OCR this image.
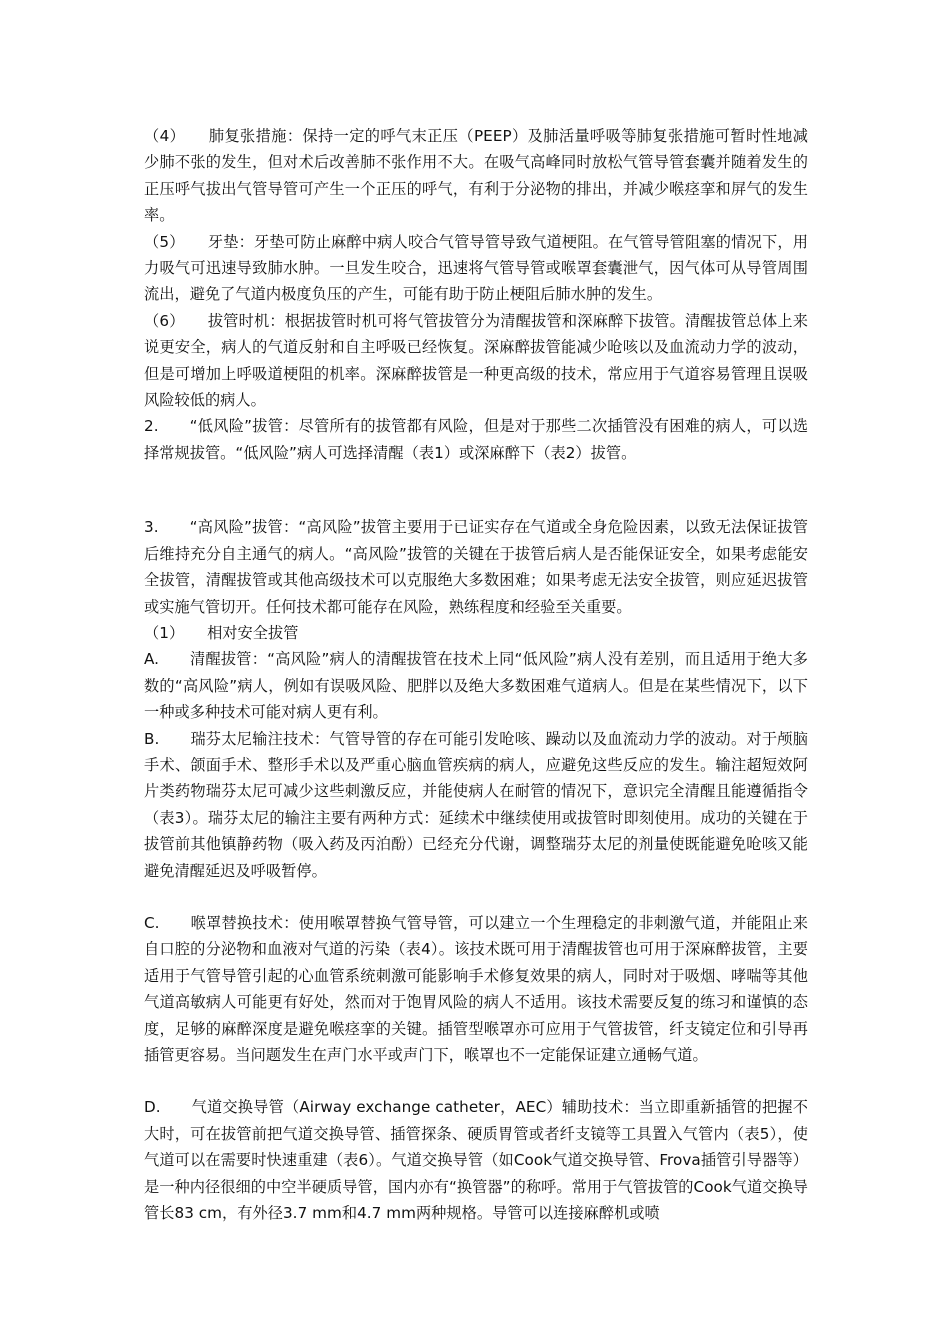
（4）　　肺复张措施：保持一定的呼气末正压（PEEP）及肺活量呼吸等肺复张措施可暂时性地减少肺不张的发生，但对术后改善肺不张作用不大。在吸气高峰同时放松气管导管套囊并随着发生的正压呼气拔出气管导管可产生一个正压的呼气，有利于分泌物的排出，并减少喉痉挛和屏气的发生率。

（5）　　牙垫：牙垫可防止麻醉中病人咬合气管导管导致气道梗阻。在气管导管阻塞的情况下，用力吸气可迅速导致肺水肿。一旦发生咬合，迅速将气管导管或喉罩套囊泄气，因气体可从导管周围流出，避免了气道内极度负压的产生，可能有助于防止梗阻后肺水肿的发生。

（6）　　拔管时机：根据拔管时机可将气管拔管分为清醒拔管和深麻醉下拔管。清醒拔管总体上来说更安全，病人的气道反射和自主呼吸已经恢复。深麻醉拔管能减少呛咳以及血流动力学的波动，但是可增加上呼吸道梗阻的机率。深麻醉拔管是一种更高级的技术，常应用于气道容易管理且误吸风险较低的病人。

2.　　“低风险”拔管：尽管所有的拔管都有风险，但是对于那些二次插管没有困难的病人，可以选择常规拔管。“低风险”病人可选择清醒（表1）或深麻醉下（表2）拔管。

3.　　“高风险”拔管：“高风险”拔管主要用于已证实存在气道或全身危险因素，以致无法保证拔管后维持充分自主通气的病人。“高风险”拔管的关键在于拔管后病人是否能保证安全，如果考虑能安全拔管，清醒拔管或其他高级技术可以克服绝大多数困难；如果考虑无法安全拔管，则应延迟拔管或实施气管切开。任何技术都可能存在风险，熟练程度和经验至关重要。

（1）　　相对安全拔管

A.　　清醒拔管：“高风险”病人的清醒拔管在技术上同“低风险”病人没有差别，而且适用于绝大多数的“高风险”病人，例如有误吸风险、肥胖以及绝大多数困难气道病人。但是在某些情况下，以下一种或多种技术可能对病人更有利。

B.　　瑞芬太尼输注技术：气管导管的存在可能引发呛咳、躁动以及血流动力学的波动。对于颅脑手术、颌面手术、整形手术以及严重心脑血管疾病的病人，应避免这些反应的发生。输注超短效阿片类药物瑞芬太尼可减少这些刺激反应，并能使病人在耐管的情况下，意识完全清醒且能遵循指令（表3）。瑞芬太尼的输注主要有两种方式：延续术中继续使用或拔管时即刻使用。成功的关键在于拔管前其他镇静药物（吸入药及丙泊酚）已经充分代谢，调整瑞芬太尼的剂量使既能避免呛咳又能避免清醒延迟及呼吸暂停。

C.　　喉罩替换技术：使用喉罩替换气管导管，可以建立一个生理稳定的非刺激气道，并能阻止来自口腔的分泌物和血液对气道的污染（表4）。该技术既可用于清醒拔管也可用于深麻醉拔管，主要适用于气管导管引起的心血管系统刺激可能影响手术修复效果的病人，同时对于吸烟、哮喘等其他气道高敏病人可能更有好处，然而对于饱胃风险的病人不适用。该技术需要反复的练习和谨慎的态度，足够的麻醉深度是避免喉痉挛的关键。插管型喉罩亦可应用于气管拔管，纤支镜定位和引导再插管更容易。当问题发生在声门水平或声门下，喉罩也不一定能保证建立通畅气道。

D.　　气道交换导管（Airway exchange catheter，AEC）辅助技术：当立即重新插管的把握不大时，可在拔管前把气道交换导管、插管探条、硬质胃管或者纤支镜等工具置入气管内（表5），使气道可以在需要时快速重建（表6）。气道交换导管（如Cook气道交换导管、Frova插管引导器等）是一种内径很细的中空半硬质导管，国内亦有“换管器”的称呼。常用于气管拔管的Cook气道交换导管长83 cm，有外径3.7 mm和4.7 mm两种规格。导管可以连接麻醉机或喷
